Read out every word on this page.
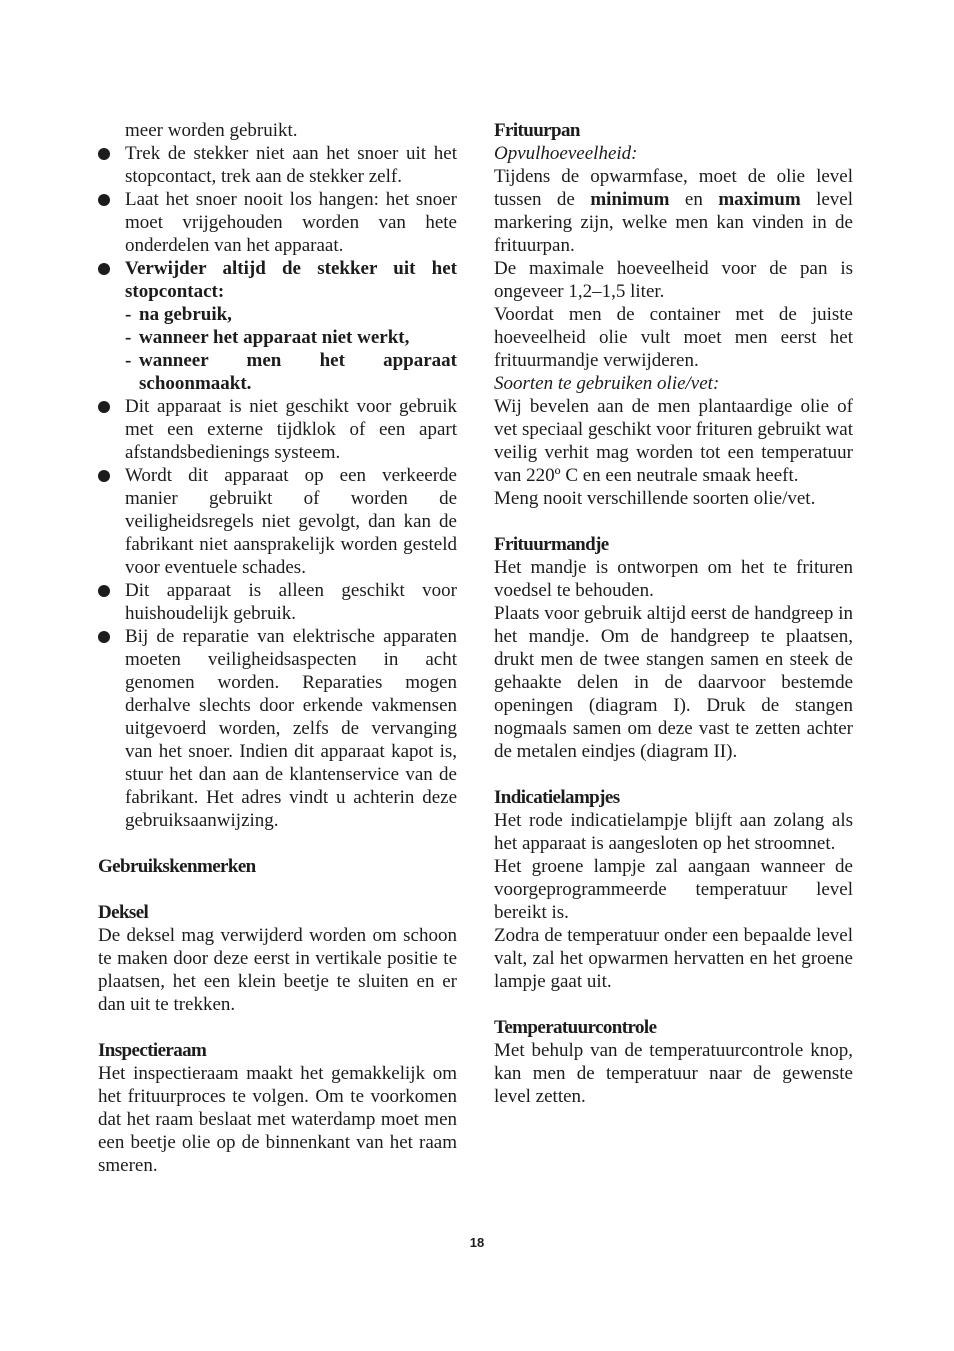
meer worden gebruikt.

Trek de stekker niet aan het snoer uit het stopcontact, trek aan de stekker zelf.

Laat het snoer nooit los hangen: het snoer moet vrijgehouden worden van hete onderdelen van het apparaat.

Verwijder altijd de stekker uit het stopcontact:

- na gebruik,

- wanneer het apparaat niet werkt,

- wanneer men het apparaat schoonmaakt.

Dit apparaat is niet geschikt voor gebruik met een externe tijdklok of een apart afstandsbedienings systeem.

Wordt dit apparaat op een verkeerde manier gebruikt of worden de veiligheidsregels niet gevolgt, dan kan de fabrikant niet aansprakelijk worden gesteld voor eventuele schades.

Dit apparaat is alleen geschikt voor huishoudelijk gebruik.

Bij de reparatie van elektrische apparaten moeten veiligheidsaspecten in acht genomen worden. Reparaties mogen derhalve slechts door erkende vakmensen uitgevoerd worden, zelfs de vervanging van het snoer. Indien dit apparaat kapot is, stuur het dan aan de klantenservice van de fabrikant. Het adres vindt u achterin deze gebruiksaanwijzing.

Gebruikskenmerken

Deksel

De deksel mag verwijderd worden om schoon te maken door deze eerst in vertikale positie te plaatsen, het een klein beetje te sluiten en er dan uit te trekken.

Inspectieraam

Het inspectieraam maakt het gemakkelijk om het frituurproces te volgen. Om te voorkomen dat het raam beslaat met waterdamp moet men een beetje olie op de binnenkant van het raam smeren.

Frituurpan

Opvulhoeveelheid:

Tijdens de opwarmfase, moet de olie level tussen de minimum en maximum level markering zijn, welke men kan vinden in de frituurpan.

De maximale hoeveelheid voor de pan is ongeveer 1,2–1,5 liter.

Voordat men de container met de juiste hoeveelheid olie vult moet men eerst het frituurmandje verwijderen.

Soorten te gebruiken olie/vet:

Wij bevelen aan de men plantaardige olie of vet speciaal geschikt voor frituren gebruikt wat veilig verhit mag worden tot een temperatuur van 220º C en een neutrale smaak heeft.

Meng nooit verschillende soorten olie/vet.

Frituurmandje

Het mandje is ontworpen om het te frituren voedsel te behouden.

Plaats voor gebruik altijd eerst de handgreep in het mandje. Om de handgreep te plaatsen, drukt men de twee stangen samen en steek de gehaakte delen in de daarvoor bestemde openingen (diagram I). Druk de stangen nogmaals samen om deze vast te zetten achter de metalen eindjes (diagram II).

Indicatielampjes

Het rode indicatielampje blijft aan zolang als het apparaat is aangesloten op het stroomnet.

Het groene lampje zal aangaan wanneer de voorgeprogrammeerde temperatuur level bereikt is.

Zodra de temperatuur onder een bepaalde level valt, zal het opwarmen hervatten en het groene lampje gaat uit.

Temperatuurcontrole

Met behulp van de temperatuurcontrole knop, kan men de temperatuur naar de gewenste level zetten.

18
